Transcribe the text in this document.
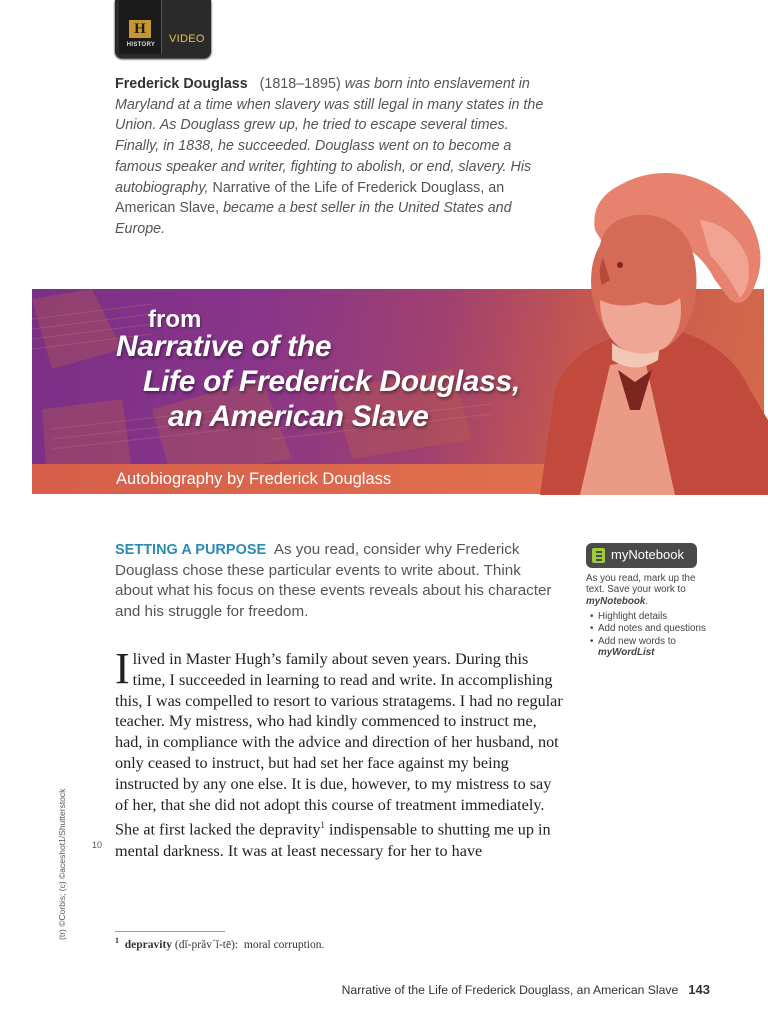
H
HISTORY	VIDEO

Frederick Douglass (1818–1895) was born into enslavement in Maryland at a time when slavery was still legal in many states in the Union. As Douglass grew up, he tried to escape several times. Finally, in 1838, he succeeded. Douglass went on to become a famous speaker and writer, fighting to abolish, or end, slavery. His autobiography, Narrative of the Life of Frederick Douglass, an American Slave, became a best seller in the United States and Europe.

from
Narrative of the
Life of Frederick Douglass,
an American Slave
Autobiography by Frederick Douglass

SETTING A PURPOSE As you read, consider why Frederick Douglass chose these particular events to write about. Think about what his focus on these events reveals about his character and his struggle for freedom.

myNotebook

As you read, mark up the text. Save your work to myNotebook.

• Highlight details
• Add notes and questions
• Add new words to myWordList

Ilived in Master Hugh’s family about seven years. During this time, I succeeded in learning to read and write. In accomplishing this, I was compelled to resort to various stratagems. I had no regular teacher. My mistress, who had kindly commenced to instruct me, had, in compliance with the advice and direction of her husband, not only ceased to instruct, but had set her face against my being instructed by any one else. It is due, however, to my mistress to say of her, that she did not adopt this course of treatment immediately. She at first lacked the depravity$^1$ indispensable to shutting me up in mental darkness. It was at least necessary for her to have

10
(tr) ©Corbis; (c) ©aceshot1/Shutterstock

$^1$ depravity (dĭ-prăv´ĭ-tē): moral corruption.

Narrative of the Life of Frederick Douglass, an American Slave 143
